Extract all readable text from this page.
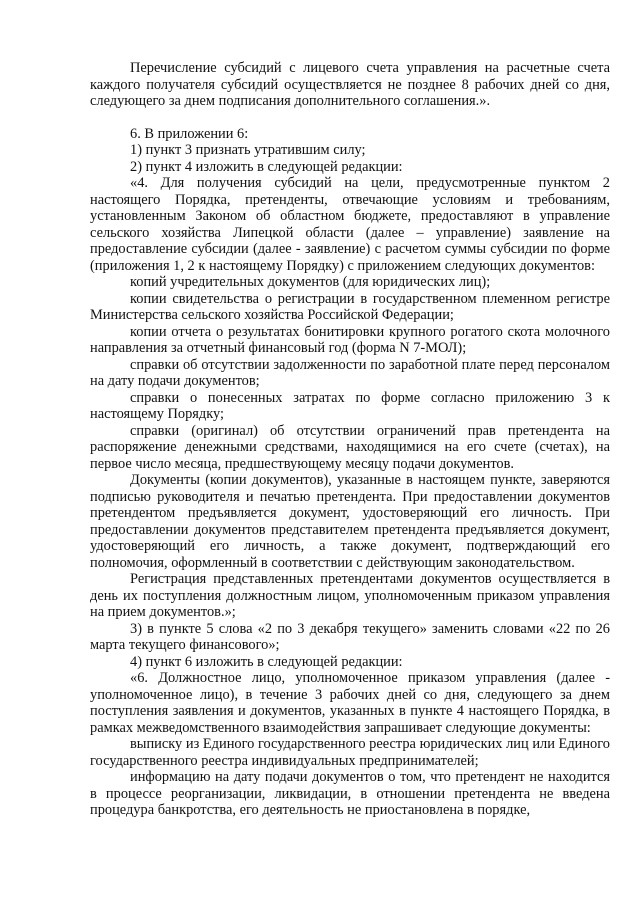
Перечисление субсидий с лицевого счета управления на расчетные счета каждого получателя субсидий осуществляется не позднее 8 рабочих дней со дня, следующего за днем подписания дополнительного соглашения.».

6. В приложении 6:

1) пункт 3 признать утратившим силу;

2) пункт 4 изложить в следующей редакции:

«4. Для получения субсидий на цели, предусмотренные пунктом 2 настоящего Порядка, претенденты, отвечающие условиям и требованиям, установленным Законом об областном бюджете, предоставляют в управление сельского хозяйства Липецкой области (далее – управление) заявление на предоставление субсидии (далее - заявление) с расчетом суммы субсидии по форме (приложения 1, 2 к настоящему Порядку) с приложением следующих документов:

копий учредительных документов (для юридических лиц);

копии свидетельства о регистрации в государственном племенном регистре Министерства сельского хозяйства Российской Федерации;

копии отчета о результатах бонитировки крупного рогатого скота молочного направления за отчетный финансовый год (форма N 7-МОЛ);

справки об отсутствии задолженности по заработной плате перед персоналом на дату подачи документов;

справки о понесенных затратах по форме согласно приложению 3 к настоящему Порядку;

справки (оригинал) об отсутствии ограничений прав претендента на распоряжение денежными средствами, находящимися на его счете (счетах), на первое число месяца, предшествующему месяцу подачи документов.

Документы (копии документов), указанные в настоящем пункте, заверяются подписью руководителя и печатью претендента. При предоставлении документов претендентом предъявляется документ, удостоверяющий его личность. При предоставлении документов представителем претендента предъявляется документ, удостоверяющий его личность, а также документ, подтверждающий его полномочия, оформленный в соответствии с действующим законодательством.

Регистрация представленных претендентами документов осуществляется в день их поступления должностным лицом, уполномоченным приказом управления на прием документов.»;

3) в пункте 5 слова «2 по 3 декабря текущего» заменить словами «22 по 26 марта текущего финансового»;

4) пункт 6 изложить в следующей редакции:

«6. Должностное лицо, уполномоченное приказом управления (далее - уполномоченное лицо), в течение 3 рабочих дней со дня, следующего за днем поступления заявления и документов, указанных в пункте 4 настоящего Порядка, в рамках межведомственного взаимодействия запрашивает следующие документы:

выписку из Единого государственного реестра юридических лиц или Единого государственного реестра индивидуальных предпринимателей;

информацию на дату подачи документов о том, что претендент не находится в процессе реорганизации, ликвидации, в отношении претендента не введена процедура банкротства, его деятельность не приостановлена в порядке,
